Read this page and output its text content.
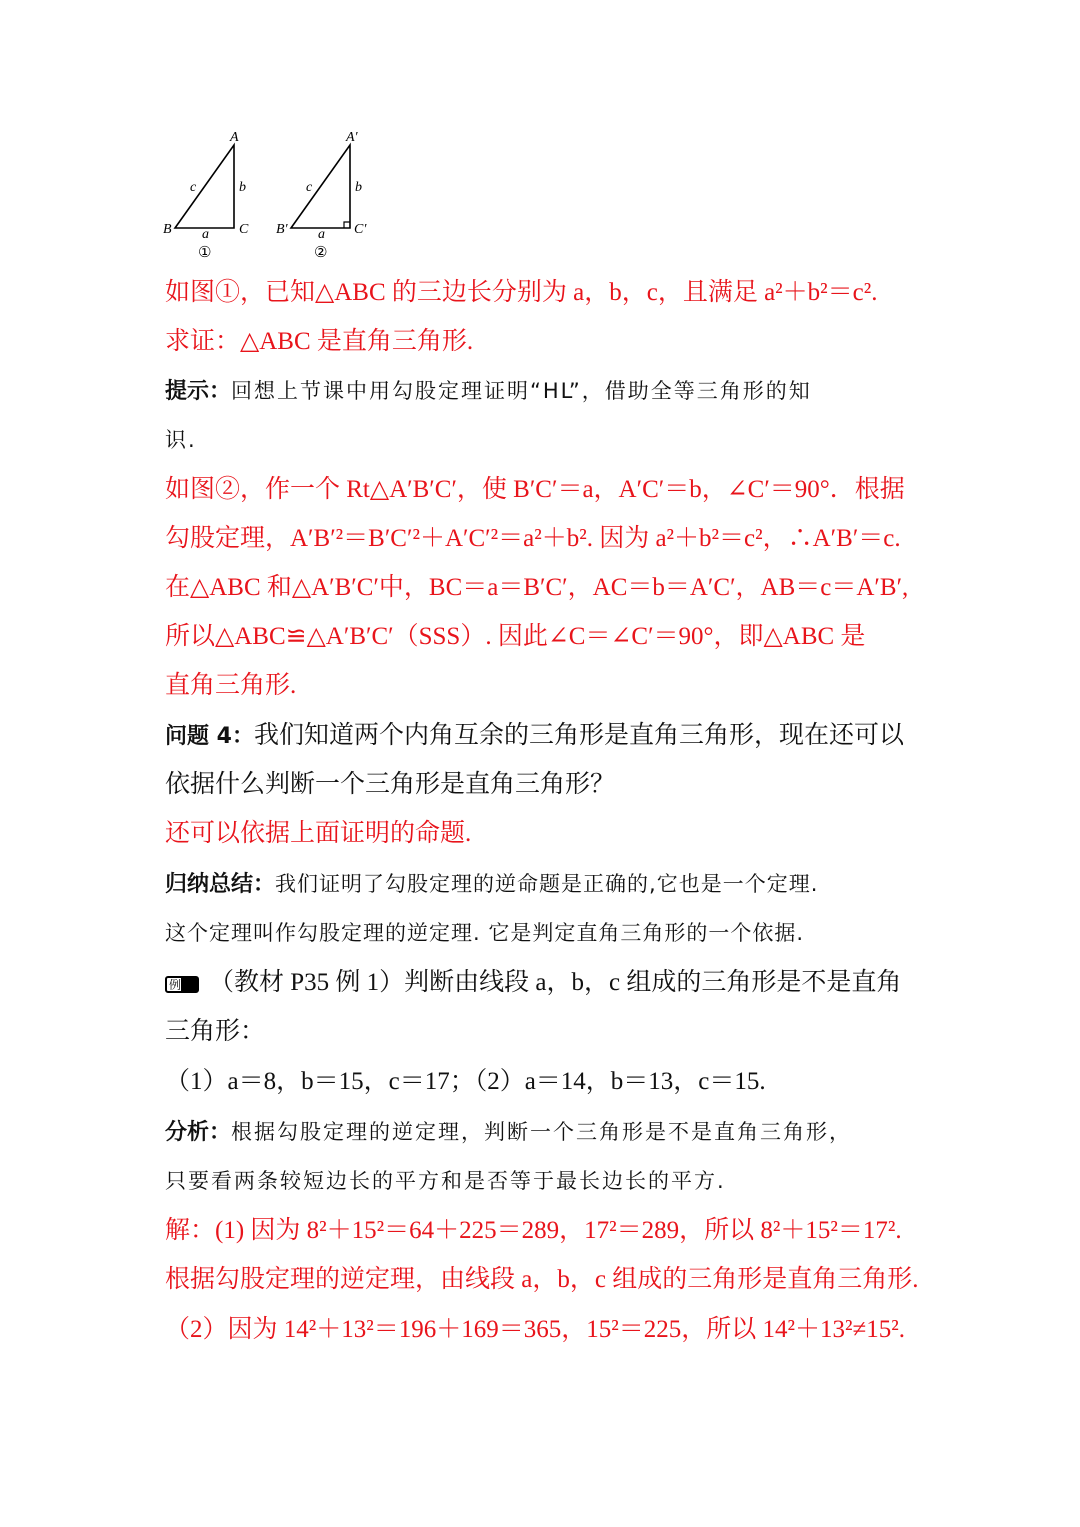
A
B	C
c	b
a
①
A′
B′	C′
c	b
a
②
如图①，已知△ABC 的三边长分别为 a，b，c，且满足 a²＋b²＝c².
求证：△ABC 是直角三角形.
提示：回想上节课中用勾股定理证明“HL”，借助全等三角形的知
识.
如图②，作一个 Rt△A′B′C′，使 B′C′＝a，A′C′＝b，∠C′＝90°．根据
勾股定理，A′B′²＝B′C′²＋A′C′²＝a²＋b². 因为 a²＋b²＝c²，∴A′B′＝c.
在△ABC 和△A′B′C′中，BC＝a＝B′C′，AC＝b＝A′C′，AB＝c＝A′B′,
所以△ABC≌△A′B′C′（SSS）. 因此∠C＝∠C′＝90°，即△ABC 是
直角三角形.
问题 4：我们知道两个内角互余的三角形是直角三角形，现在还可以
依据什么判断一个三角形是直角三角形？
还可以依据上面证明的命题.
归纳总结：我们证明了勾股定理的逆命题是正确的,它也是一个定理.
这个定理叫作勾股定理的逆定理. 它是判定直角三角形的一个依据.
例 （教材 P35 例 1）判断由线段 a，b，c 组成的三角形是不是直角
三角形：
（1）a＝8，b＝15，c＝17；（2）a＝14，b＝13，c＝15.
分析：根据勾股定理的逆定理，判断一个三角形是不是直角三角形，
只要看两条较短边长的平方和是否等于最长边长的平方.
解：(1) 因为 8²＋15²＝64＋225＝289，17²＝289，所以 8²＋15²＝17².
根据勾股定理的逆定理，由线段 a，b，c 组成的三角形是直角三角形.
（2）因为 14²＋13²＝196＋169＝365，15²＝225，所以 14²＋13²≠15².
